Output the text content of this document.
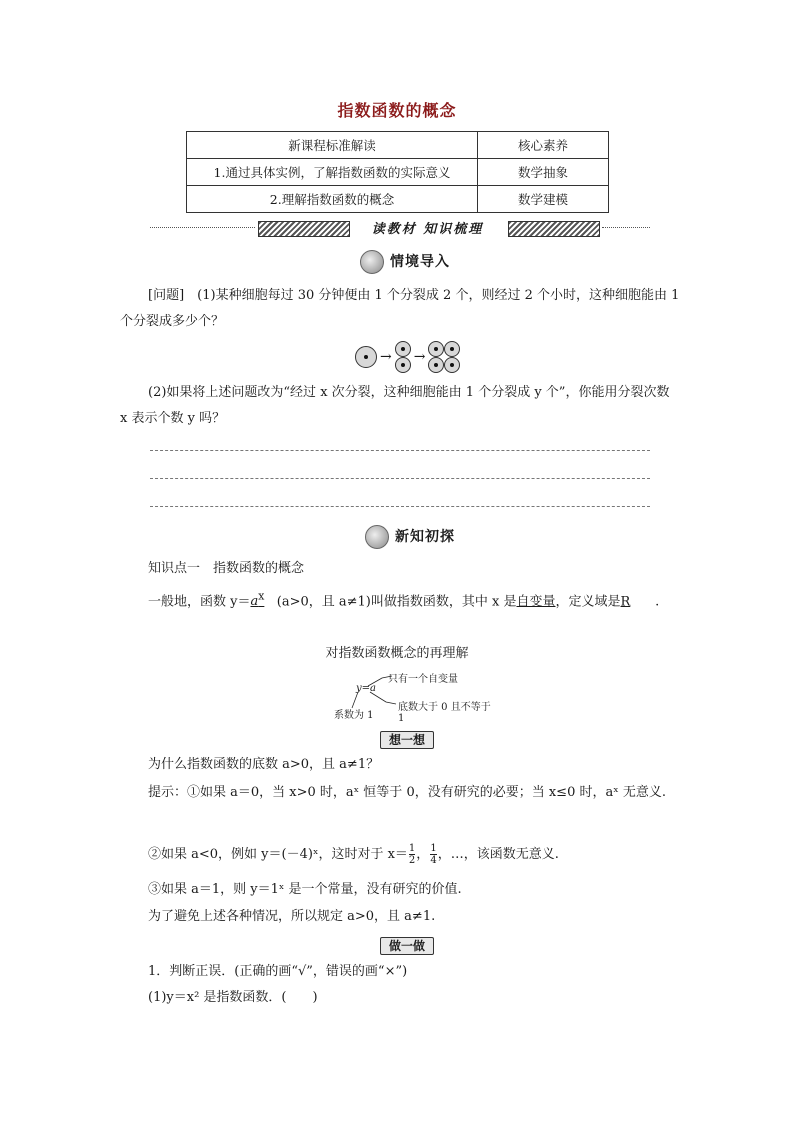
指数函数的概念
新课程标准解读	核心素养
1.通过具体实例，了解指数函数的实际意义	数学抽象
2.理解指数函数的概念	数学建模
读教材 知识梳理
情境导入
[问题]　 (1)某种细胞每过 30 分钟便由 1 个分裂成 2 个，则经过 2 个小时，这种细胞能由 1 个分裂成多少个？
→ →
(2)如果将上述问题改为“经过 x 次分裂，这种细胞能由 1 个分裂成 y 个”，你能用分裂次数 x 表示个数 y 吗？
新知初探
知识点一　指数函数的概念
一般地，函数 $y=a^x$ (a>0，且 a≠1)叫做指数函数，其中 x 是自变量，定义域是R .
对指数函数概念的再理解
y=a
只有一个自变量
底数大于 0 且不等于 1
系数为 1
想一想
为什么指数函数的底数 a>0，且 a≠1？
提示：①如果 a＝0，当 x>0 时，aˣ 恒等于 0，没有研究的必要；当 x≤0 时，aˣ 无意义.
②如果 a<0，例如 y＝(－4)ˣ，这时对于 $x= \frac{1}{2}$ ， $\frac{1}{4}$ ，…，该函数无意义.
③如果 a＝1，则 y＝1ˣ 是一个常量，没有研究的价值.
为了避免上述各种情况，所以规定 a>0，且 a≠1.
做一做
1．判断正误．(正确的画“√”，错误的画“×”)
(1)y＝x² 是指数函数．(　　)
